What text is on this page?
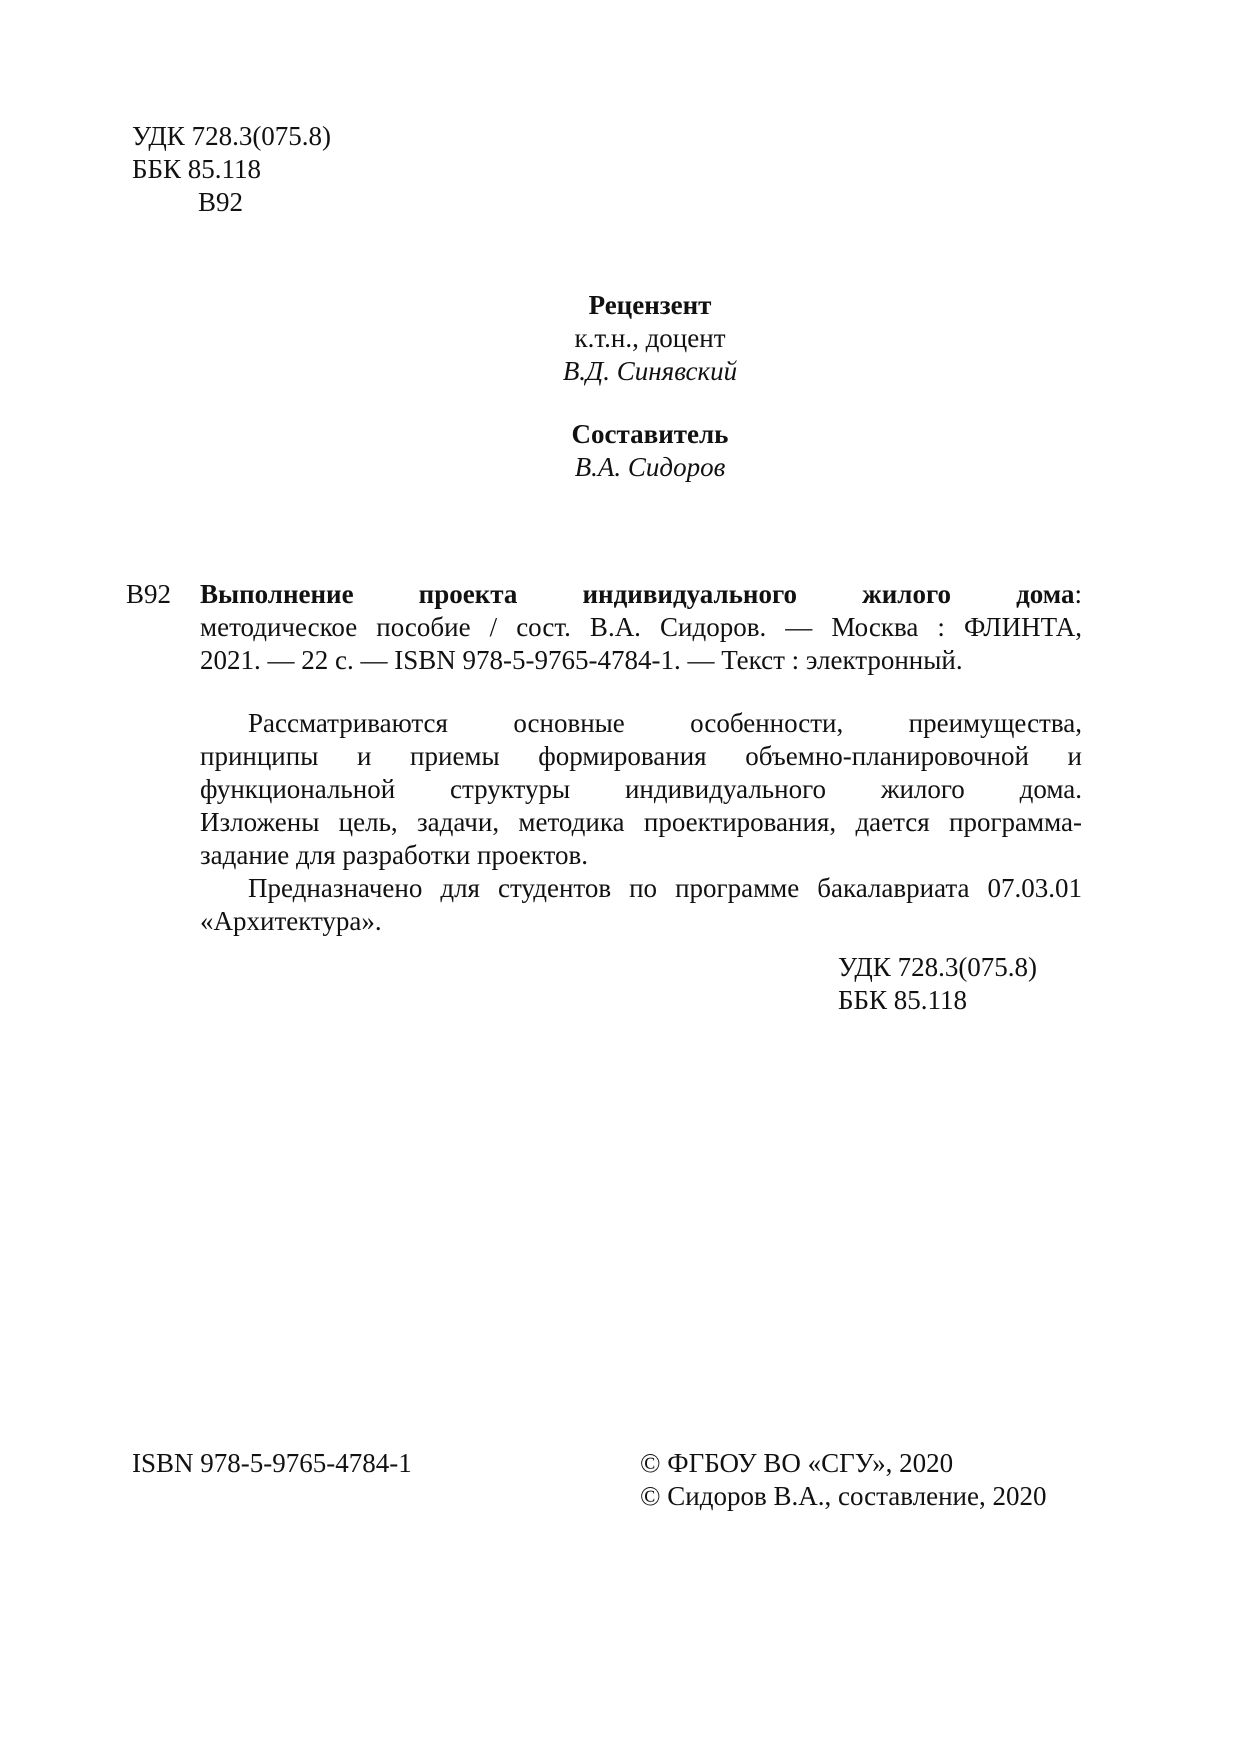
УДК 728.3(075.8)
ББК 85.118
В92
Рецензент
к.т.н., доцент
В.Д. Синявский
Составитель
В.А. Сидоров
В92 Выполнение проекта индивидуального жилого дома:
методическое пособие / сост. В.А. Сидоров. — Москва : ФЛИНТА,
2021. — 22 с. — ISBN 978-5-9765-4784-1. — Текст : электронный.
Рассматриваются основные особенности, преимущества,
принципы и приемы формирования объемно-планировочной и
функциональной структуры индивидуального жилого дома.
Изложены цель, задачи, методика проектирования, дается программа-
задание для разработки проектов.
Предназначено для студентов по программе бакалавриата 07.03.01
«Архитектура».
УДК 728.3(075.8)
ББК 85.118
ISBN 978-5-9765-4784-1	© ФГБОУ ВО «СГУ», 2020
© Сидоров В.А., составление, 2020
